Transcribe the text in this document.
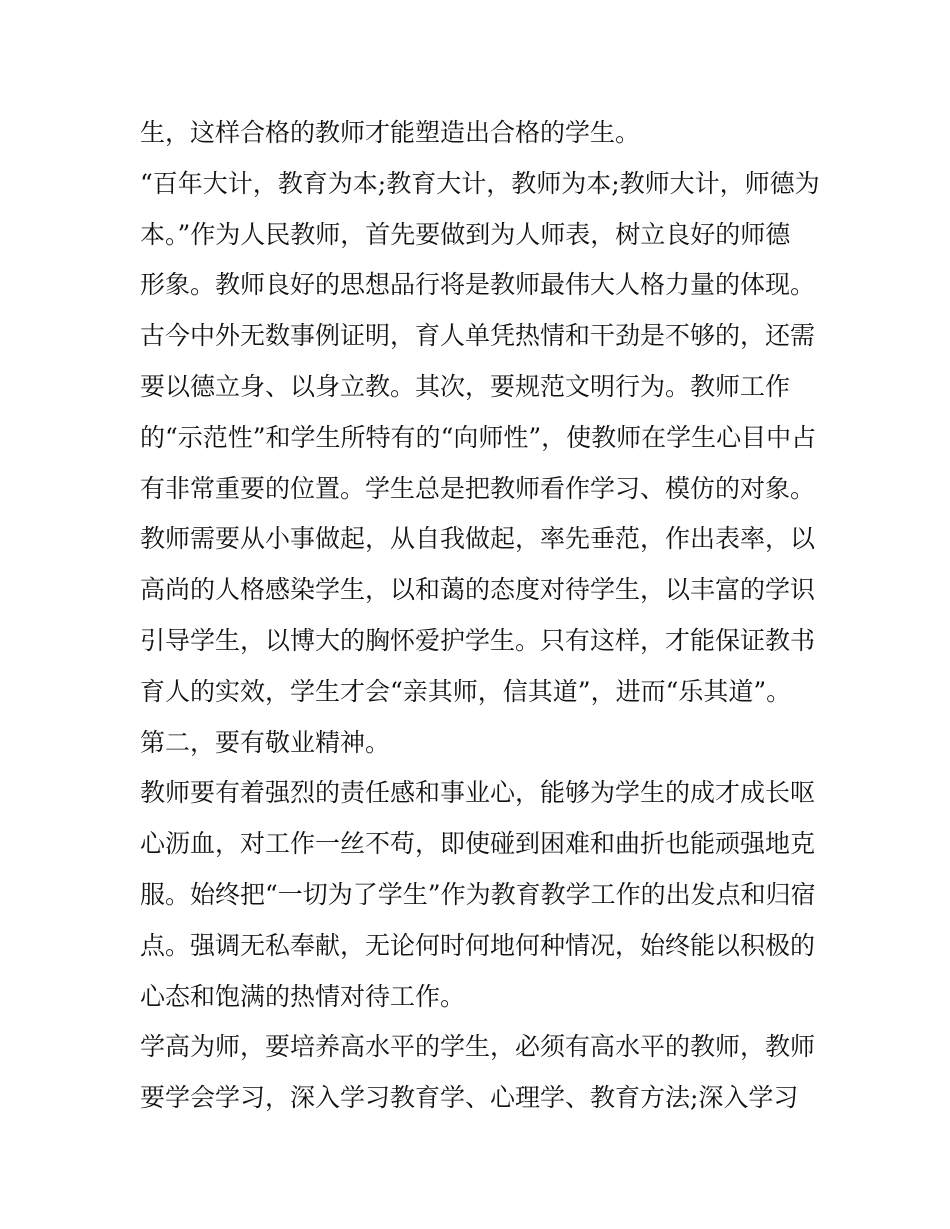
生，这样合格的教师才能塑造出合格的学生。
“百年大计，教育为本;教育大计，教师为本;教师大计，师德为
本。”作为人民教师，首先要做到为人师表，树立良好的师德
形象。教师良好的思想品行将是教师最伟大人格力量的体现。
古今中外无数事例证明，育人单凭热情和干劲是不够的，还需
要以德立身、以身立教。其次，要规范文明行为。教师工作
的“示范性”和学生所特有的“向师性”，使教师在学生心目中占
有非常重要的位置。学生总是把教师看作学习、模仿的对象。
教师需要从小事做起，从自我做起，率先垂范，作出表率，以
高尚的人格感染学生，以和蔼的态度对待学生，以丰富的学识
引导学生，以博大的胸怀爱护学生。只有这样，才能保证教书
育人的实效，学生才会“亲其师，信其道”，进而“乐其道”。
第二，要有敬业精神。
教师要有着强烈的责任感和事业心，能够为学生的成才成长呕
心沥血，对工作一丝不苟，即使碰到困难和曲折也能顽强地克
服。始终把“一切为了学生”作为教育教学工作的出发点和归宿
点。强调无私奉献，无论何时何地何种情况，始终能以积极的
心态和饱满的热情对待工作。
学高为师，要培养高水平的学生，必须有高水平的教师，教师
要学会学习，深入学习教育学、心理学、教育方法;深入学习
